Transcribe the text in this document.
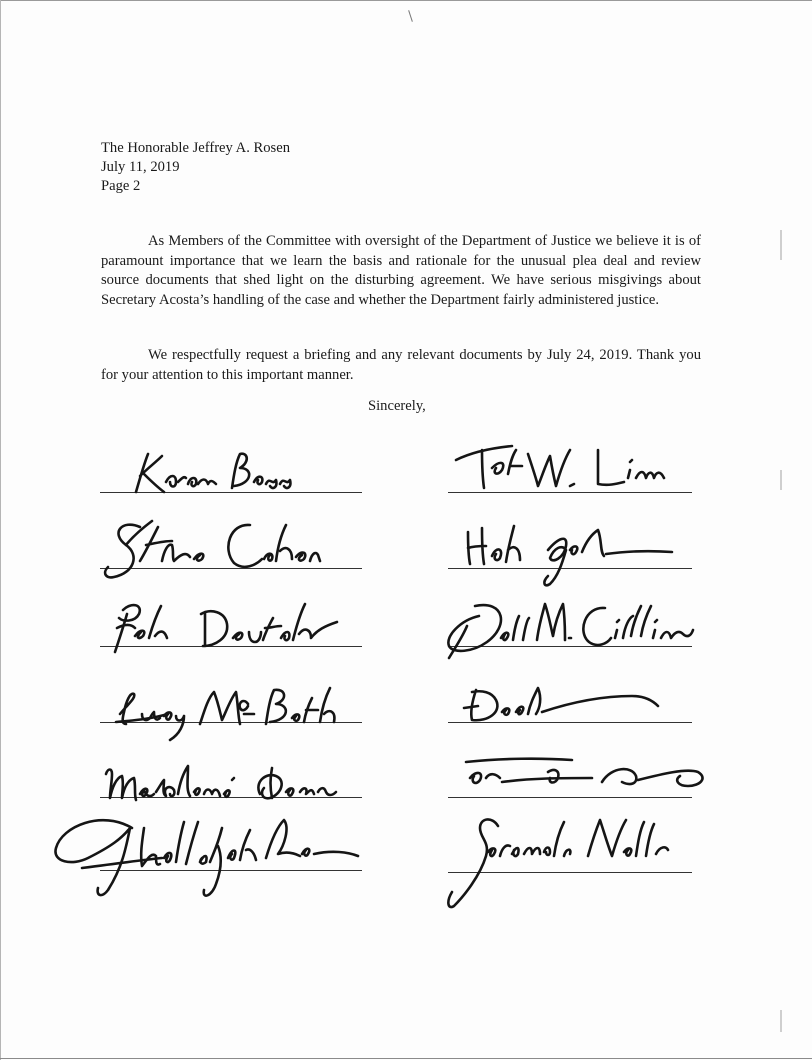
The Honorable Jeffrey A. Rosen
July 11, 2019
Page 2

As Members of the Committee with oversight of the Department of Justice we believe it is of paramount importance that we learn the basis and rationale for the unusual plea deal and review source documents that shed light on the disturbing agreement. We have serious misgivings about Secretary Acosta’s handling of the case and whether the Department fairly administered justice.

We respectfully request a briefing and any relevant documents by July 24, 2019. Thank you for your attention to this important manner.

Sincerely,
